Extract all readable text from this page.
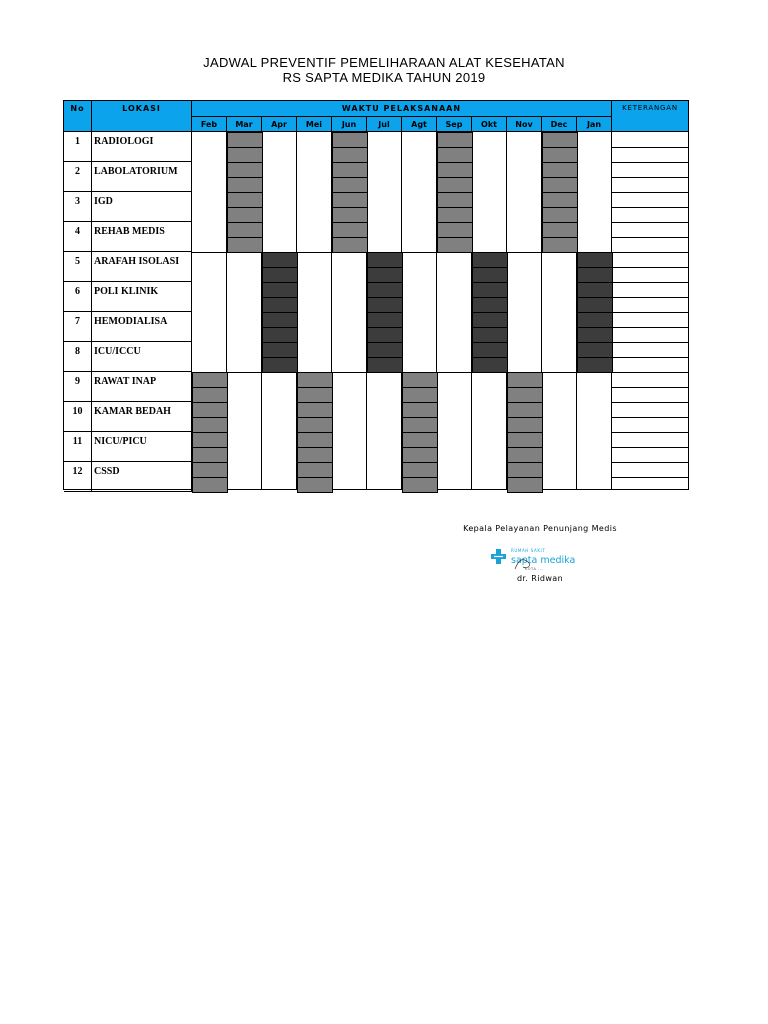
JADWAL PREVENTIF PEMELIHARAAN ALAT KESEHATAN
RS SAPTA MEDIKA TAHUN 2019
No	LOKASI	WAKTU PELAKSANAAN	KETERANGAN
Feb	Mar	Apr	Mei	Jun	Jul	Agt	Sep	Okt	Nov	Dec	Jan
1	RADIOLOGI
2	LABOLATORIUM
3	IGD
4	REHAB MEDIS
5	ARAFAH ISOLASI
6	POLI KLINIK
7	HEMODIALISA
8	ICU/ICCU
9	RAWAT INAP
10	KAMAR BEDAH
11	NICU/PICU
12	CSSD
Kepala Pelayanan Penunjang Medis
RUMAH SAKIT
sapta medika
KOTA ...
dr. Ridwan
